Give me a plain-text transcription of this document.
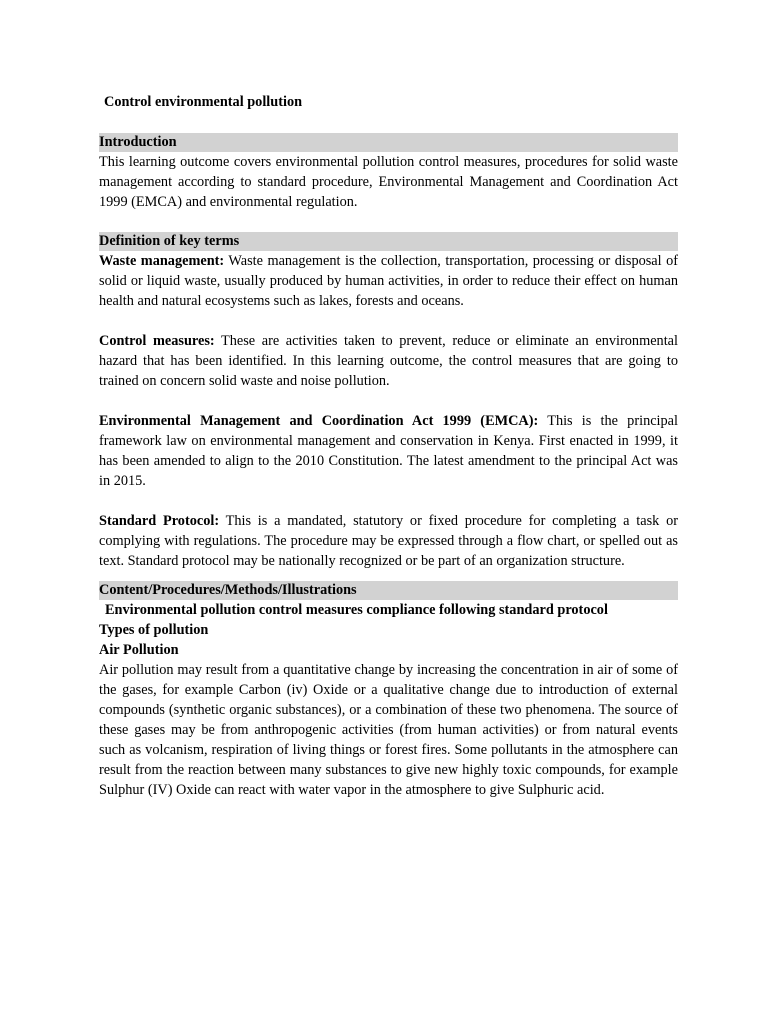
Control environmental pollution
Introduction

This learning outcome covers environmental pollution control measures, procedures for solid waste management according to standard procedure, Environmental Management and Coordination Act 1999 (EMCA) and environmental regulation.

Definition of key terms

Waste management: Waste management is the collection, transportation, processing or disposal of solid or liquid waste, usually produced by human activities, in order to reduce their effect on human health and natural ecosystems such as lakes, forests and oceans.

Control measures: These are activities taken to prevent, reduce or eliminate an environmental hazard that has been identified. In this learning outcome, the control measures that are going to trained on concern solid waste and noise pollution.

Environmental Management and Coordination Act 1999 (EMCA): This is the principal framework law on environmental management and conservation in Kenya. First enacted in 1999, it has been amended to align to the 2010 Constitution. The latest amendment to the principal Act was in 2015.

Standard Protocol: This is a mandated, statutory or fixed procedure for completing a task or complying with regulations. The procedure may be expressed through a flow chart, or spelled out as text. Standard protocol may be nationally recognized or be part of an organization structure.

Content/Procedures/Methods/Illustrations
Environmental pollution control measures compliance following standard protocol
Types of pollution
Air Pollution

Air pollution may result from a quantitative change by increasing the concentration in air of some of the gases, for example Carbon (iv) Oxide or a qualitative change due to introduction of external compounds (synthetic organic substances), or a combination of these two phenomena. The source of these gases may be from anthropogenic activities (from human activities) or from natural events such as volcanism, respiration of living things or forest fires. Some pollutants in the atmosphere can result from the reaction between many substances to give new highly toxic compounds, for example Sulphur (IV) Oxide can react with water vapor in the atmosphere to give Sulphuric acid.
